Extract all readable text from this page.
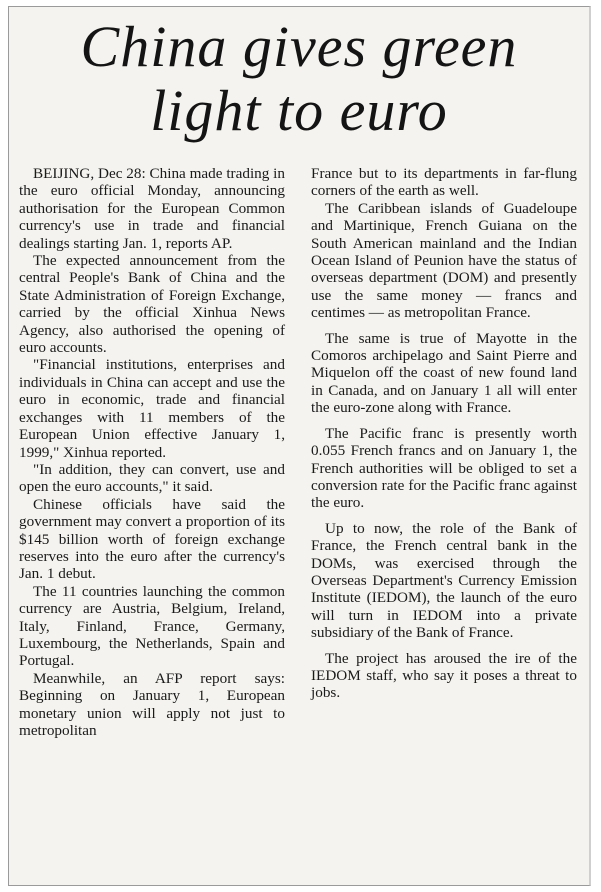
China gives green
light to euro

BEIJING, Dec 28: China made trading in the euro official Monday, announcing authorisation for the European Common currency's use in trade and financial dealings starting Jan. 1, reports AP.

The expected announcement from the central People's Bank of China and the State Administration of Foreign Exchange, carried by the official Xinhua News Agency, also authorised the opening of euro accounts.

"Financial institutions, enterprises and individuals in China can accept and use the euro in economic, trade and financial exchanges with 11 members of the European Union effective January 1, 1999," Xinhua reported.

"In addition, they can convert, use and open the euro accounts," it said.

Chinese officials have said the government may convert a proportion of its $145 billion worth of foreign exchange reserves into the euro after the currency's Jan. 1 debut.

The 11 countries launching the common currency are Austria, Belgium, Ireland, Italy, Finland, France, Germany, Luxembourg, the Netherlands, Spain and Portugal.

Meanwhile, an AFP report says: Beginning on January 1, European monetary union will apply not just to metropolitan

France but to its departments in far-flung corners of the earth as well.

The Caribbean islands of Guadeloupe and Martinique, French Guiana on the South American mainland and the Indian Ocean Island of Peunion have the status of overseas department (DOM) and presently use the same money — francs and centimes — as metropolitan France.

The same is true of Mayotte in the Comoros archipelago and Saint Pierre and Miquelon off the coast of new found land in Canada, and on January 1 all will enter the euro-zone along with France.

The Pacific franc is presently worth 0.055 French francs and on January 1, the French authorities will be obliged to set a conversion rate for the Pacific franc against the euro.

Up to now, the role of the Bank of France, the French central bank in the DOMs, was exercised through the Overseas Department's Currency Emission Institute (IEDOM), the launch of the euro will turn in IEDOM into a private subsidiary of the Bank of France.

The project has aroused the ire of the IEDOM staff, who say it poses a threat to jobs.
